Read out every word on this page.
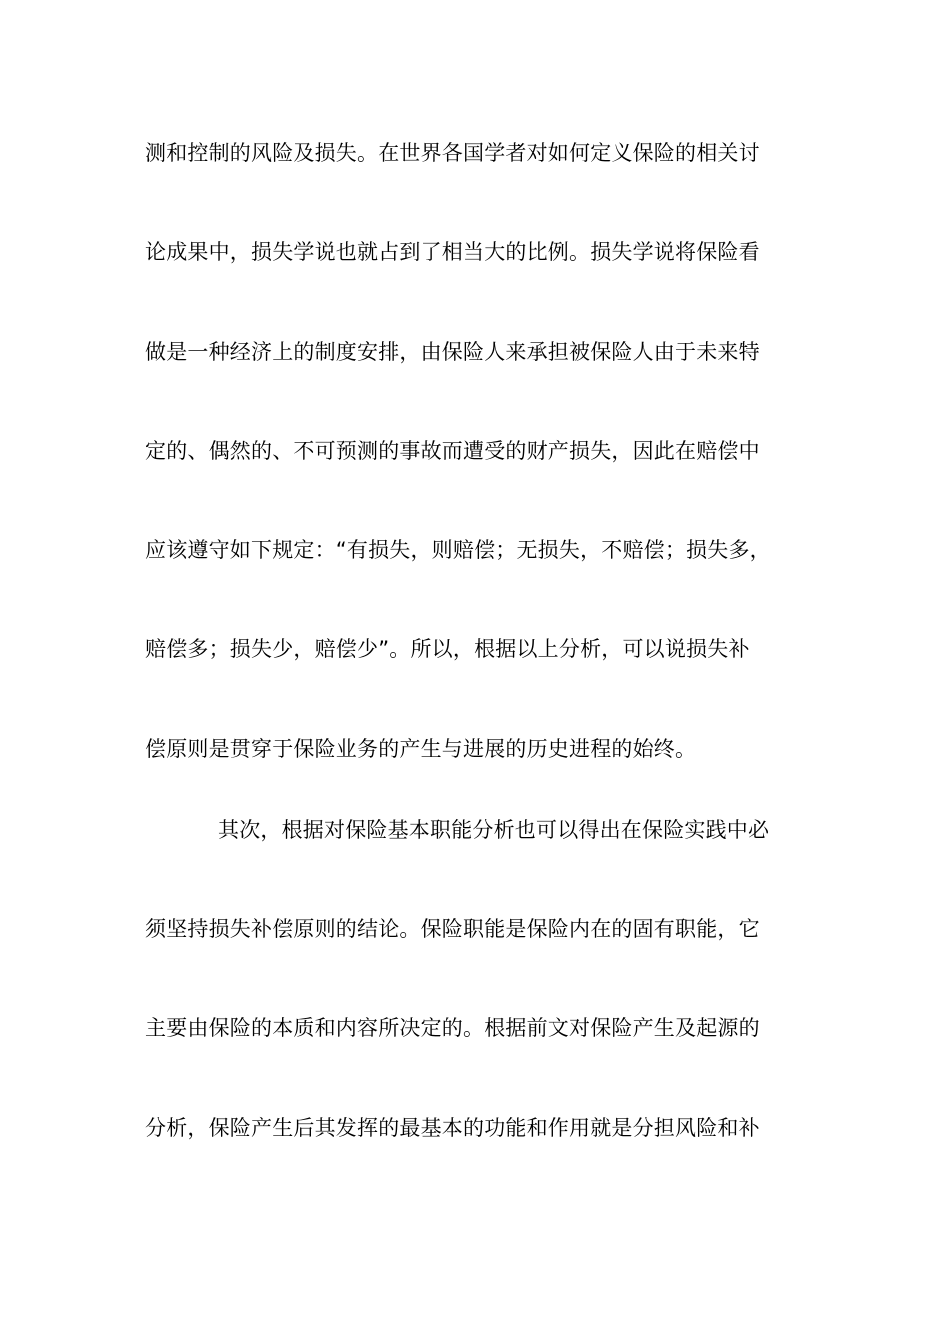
测和控制的风险及损失。在世界各国学者对如何定义保险的相关讨
论成果中，损失学说也就占到了相当大的比例。损失学说将保险看
做是一种经济上的制度安排，由保险人来承担被保险人由于未来特
定的、偶然的、不可预测的事故而遭受的财产损失，因此在赔偿中
应该遵守如下规定：“有损失，则赔偿；无损失，不赔偿；损失多，
赔偿多；损失少，赔偿少”。所以，根据以上分析，可以说损失补
偿原则是贯穿于保险业务的产生与进展的历史进程的始终。
其次，根据对保险基本职能分析也可以得出在保险实践中必
须坚持损失补偿原则的结论。保险职能是保险内在的固有职能，它
主要由保险的本质和内容所决定的。根据前文对保险产生及起源的
分析，保险产生后其发挥的最基本的功能和作用就是分担风险和补
